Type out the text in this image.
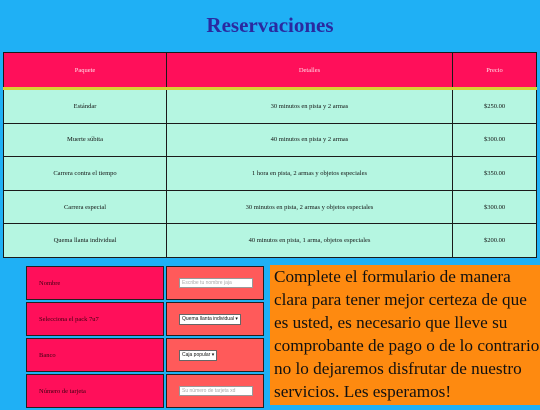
Reservaciones
Paquete	Detalles	Precio
Estándar	30 minutos en pista y 2 armas	$250.00
Muerte súbita	40 minutos en pista y 2 armas	$300.00
Carrera contra el tiempo	1 hora en pista, 2 armas y objetos especiales	$350.00
Carrera especial	30 minutos en pista, 2 armas y objetos especiales	$300.00
Quema llanta individual	40 minutos en pista, 1 arma, objetos especiales	$200.00
Nombre	Escribe tu nombre jaja

Selecciona el pack 7u7	Quema llanta individual ▾
Banco	Caja popular ▾
Número de tarjeta	Su número de tarjeta xd
Complete el formulario de manera clara para tener mejor certeza de que es usted, es necesario que lleve su comprobante de pago o de lo contrario no lo dejaremos disfrutar de nuestro servicios. Les esperamos!
